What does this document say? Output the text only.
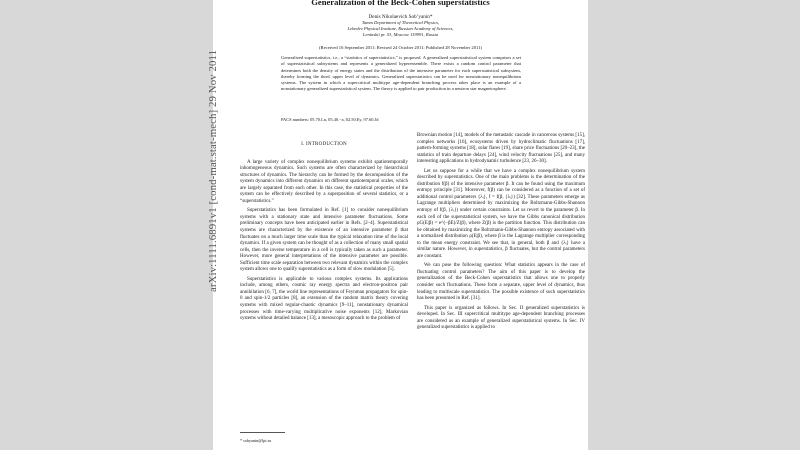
Generalization of the Beck-Cohen superstatistics
Denis Nikolaevich Sob’yanin*
Tamm Department of Theoretical Physics,
Lebedev Physical Institute, Russian Academy of Sciences,
Leninskii pr. 53, Moscow 119991, Russia
(Received 16 September 2011; Revised 24 October 2011; Published 28 November 2011)
Generalized superstatistics, i.e., a “statistics of superstatistics,” is proposed. A generalized superstatistical system comprises a set of superstatistical subsystems and represents a generalized hyperensemble. There exists a random control parameter that determines both the density of energy states and the distribution of the intensive parameter for each superstatistical subsystem, thereby forming the third, upper level of dynamics. Generalized superstatistics can be used for nonstationary nonequilibrium systems. The system in which a supercritical multitype age-dependent branching process takes place is an example of a nonstationary generalized superstatistical system. The theory is applied to pair production in a neutron star magnetosphere.
PACS numbers: 05.70.Ln, 05.40.−a, 02.50.Ey, 97.60.Jd
I. INTRODUCTION

A large variety of complex nonequilibrium systems exhibit spatiotemporally inhomogeneous dynamics. Such systems are often characterized by hierarchical structures of dynamics. The hierarchy can be formed by the decomposition of the system dynamics into different dynamics on different spatiotemporal scales, which are largely separated from each other. In this case, the statistical properties of the system can be effectively described by a superposition of several statistics, or a “superstatistics.”

Superstatistics has been formulated in Ref. [1] to consider nonequilibrium systems with a stationary state and intensive parameter fluctuations. Some preliminary concepts have been anticipated earlier in Refs. [2–4]. Superstatistical systems are characterized by the existence of an intensive parameter β that fluctuates on a much larger time scale than the typical relaxation time of the local dynamics. If a given system can be thought of as a collection of many small spatial cells, then the inverse temperature in a cell is typically taken as such a parameter. However, more general interpretations of the intensive parameter are possible. Sufficient time scale separation between two relevant dynamics within the complex system allows one to qualify superstatistics as a form of slow modulation [5].

Superstatistics is applicable to various complex systems. Its applications include, among others, cosmic ray energy spectra and electron-positron pair annihilation [6, 7], the world line representations of Feynman propagators for spin-0 and spin-1/2 particles [8], an extension of the random matrix theory covering systems with mixed regular-chaotic dynamics [9–11], nonstationary dynamical processes with time-varying multiplicative noise exponents [12], Markovian systems without detailed balance [13], a mesoscopic approach to the problem of

Brownian motion [14], models of the metastatic cascade in cancerous systems [15], complex networks [16], ecosystems driven by hydroclimatic fluctuations [17], pattern-forming systems [18], solar flares [19], share price fluctuations [20–23], the statistics of train departure delays [24], wind velocity fluctuations [25], and many interesting applications in hydrodynamic turbulence [23, 26–30].

Let us suppose for a while that we have a complex nonequilibrium system described by superstatistics. One of the main problems is the determination of the distribution f(β) of the intensive parameter β. It can be found using the maximum entropy principle [31]. Moreover, f(β) can be considered as a function of a set of additional control parameters {λᵢ}, f = f(β, {λᵢ}) [32]. These parameters emerge as Lagrange multipliers determined by maximizing the Boltzmann-Gibbs-Shannon entropy of f(β, {λᵢ}) under certain constraints. Let us revert to the parameter β. In each cell of the superstatistical system, we have the Gibbs canonical distribution ρG(E|β) = e^(−βE)/Z(β), where Z(β) is the partition function. This distribution can be obtained by maximizing the Boltzmann-Gibbs-Shannon entropy associated with a normalized distribution ρ(E|β), where β is the Lagrange multiplier corresponding to the mean energy constraint. We see that, in general, both β and {λᵢ} have a similar nature. However, in superstatistics, β fluctuates, but the control parameters are constant.

We can pose the following question: What statistics appears in the case of fluctuating control parameters? The aim of this paper is to develop the generalization of the Beck-Cohen superstatistics that allows one to properly consider such fluctuations. These form a separate, upper level of dynamics, thus leading to multiscale superstatistics. The possible existence of such superstatistics has been presumed in Ref. [31].

This paper is organized as follows. In Sec. II generalized superstatistics is developed. In Sec. III supercritical multitype age-dependent branching processes are considered as an example of generalized superstatistical systems. In Sec. IV generalized superstatistics is applied to

* sobyanin@lpi.ru
arXiv:1111.6891v1 [cond-mat.stat-mech] 29 Nov 2011
